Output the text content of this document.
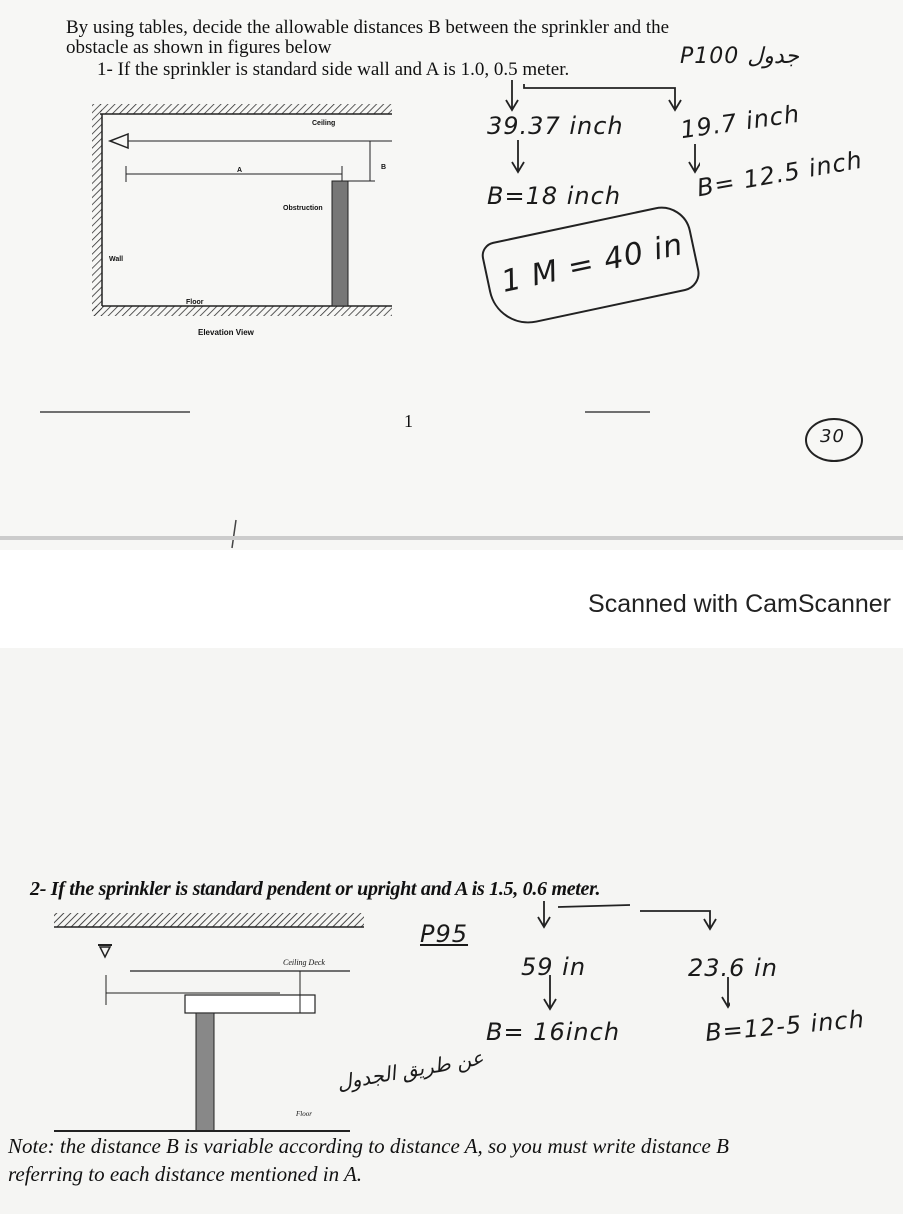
By using tables, decide the allowable distances B between the sprinkler and the
obstacle as shown in figures below
1- If the sprinkler is standard side wall and A is 1.0, 0.5 meter.
Ceiling
A	B
Obstruction
Wall
Floor
Elevation View
P100 جدول
39.37 inch 19.7 inch
B=18 inch	B= 12.5 inch
1 M = 40 in
30
1
Scanned with CamScanner
2- If the sprinkler is standard pendent or upright and A is 1.5, 0.6 meter.
Ceiling Deck
Floor
P95
59 in	23.6 in
B= 16inch	B=12-5 inch
عن طريق الجدول
Note: the distance B is variable according to distance A, so you must write distance B
referring to each distance mentioned in A.
